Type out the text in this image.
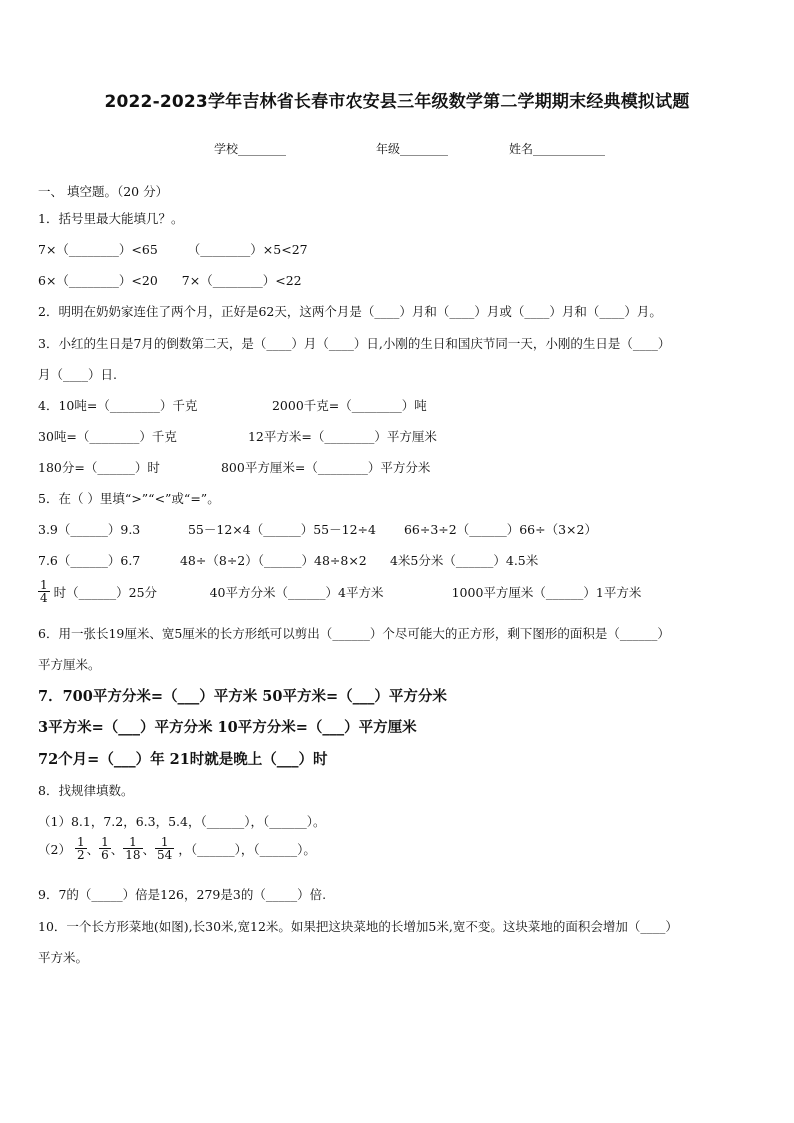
2022-2023学年吉林省长春市农安县三年级数学第二学期期末经典模拟试题
学校________	年级________	姓名____________
一、 填空题。（20 分）
1．括号里最大能填几？。
7×（________）<65 （________）×5<27
6×（________）<20 7×（________）<22
2．明明在奶奶家连住了两个月，正好是62天，这两个月是（____）月和（____）月或（____）月和（____）月。
3．小红的生日是7月的倒数第二天，是（____）月（____）日,小刚的生日和国庆节同一天，小刚的生日是（____）
月（____）日.
4．10吨=（________）千克	2000千克=（________）吨
30吨=（________）千克	12平方米=（________）平方厘米
180分=（______）时	800平方厘米=（________）平方分米
5．在（ ）里填“>”“<”或“=”。
3.9（______）9.3	55－12×4（______）55－12÷4 66÷3÷2（______）66÷（3×2）
7.6（______）6.7	48÷（8÷2）（______）48÷8×2 4米5分米（______）4.5米
$\frac{1}{4}$ 时（______）25分	40平方分米（______）4平方米	1000平方厘米（______）1平方米
6．用一张长19厘米、宽5厘米的长方形纸可以剪出（______）个尽可能大的正方形，剩下图形的面积是（______）
平方厘米。
7．700平方分米=（___）平方米 50平方米=（___）平方分米
3平方米=（___）平方分米 10平方分米=（___）平方厘米
72个月=（___）年 21时就是晚上（___）时
8．找规律填数。
（1）8.1，7.2，6.3，5.4，（______），（______）。
$(2) \frac{1}{2}$ 、 $\frac{1}{6}$ 、 $\frac{1}{18}$ 、 $\frac{1}{54}$ ，（______），（______）。
9．7的（_____）倍是126，279是3的（_____）倍.
10．一个长方形菜地(如图),长30米,宽12米。如果把这块菜地的长增加5米,宽不变。这块菜地的面积会增加（____）
平方米。
